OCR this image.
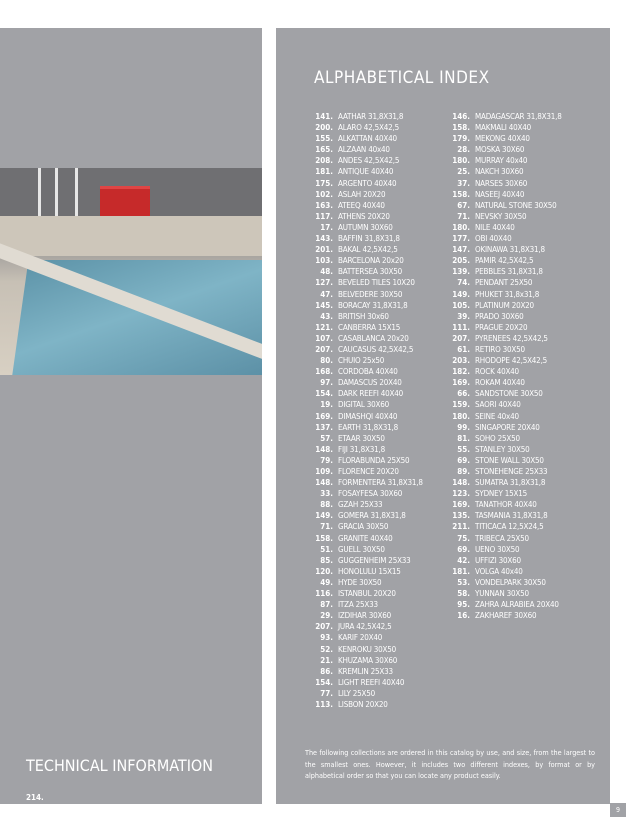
TECHNICAL INFORMATION
214.
ALPHABETICAL INDEX
141. AATHAR 31,8X31,8
200. ALARO 42,5X42,5
155. ALKATTAN 40X40
165. ALZAAN 40x40
208. ANDES 42,5X42,5
181. ANTIQUE 40X40
175. ARGENTO 40X40
102. ASLAH 20X20
163. ATEEQ 40X40
117. ATHENS 20X20
17. AUTUMN 30X60
143. BAFFIN 31,8X31,8
201. BAKAL 42,5X42,5
103. BARCELONA 20x20
48. BATTERSEA 30X50
127. BEVELED TILES 10X20
47. BELVEDERE 30X50
145. BORACAY 31,8X31,8
43. BRITISH 30x60
121. CANBERRA 15X15
107. CASABLANCA 20x20
207. CAUCASUS 42,5X42,5
80. CHUIO 25x50
168. CORDOBA 40X40
97. DAMASCUS 20X40
154. DARK REEFI 40X40
19. DIGITAL 30X60
169. DIMASHQI 40X40
137. EARTH 31,8X31,8
57. ETAAR 30X50
148. FIJI 31,8X31,8
79. FLORABUNDA 25X50
109. FLORENCE 20X20
148. FORMENTERA 31,8X31,8
33. FOSAYFESA 30X60
88. GZAH 25X33
149. GOMERA 31,8X31,8
71. GRACIA 30X50
158. GRANITE 40X40
51. GUELL 30X50
85. GUGGENHEIM 25X33
120. HONOLULU 15X15
49. HYDE 30X50
116. ISTANBUL 20X20
87. ITZA 25X33
29. IZDIHAR 30X60
207. JURA 42,5X42,5
93. KARIF 20X40
52. KENROKU 30X50
21. KHUZAMA 30X60
86. KREMLIN 25X33
154. LIGHT REEFI 40X40
77. LILY 25X50
113. LISBON 20X20
146. MADAGASCAR 31,8X31,8
158. MAKMALI 40X40
179. MEKONG 40X40
28. MOSKA 30X60
180. MURRAY 40x40
25. NAKCH 30X60
37. NARSES 30X60
158. NASEEJ 40X40
67. NATURAL STONE 30X50
71. NEVSKY 30X50
180. NILE 40X40
177. OBI 40X40
147. OKINAWA 31,8X31,8
205. PAMIR 42,5X42,5
139. PEBBLES 31,8X31,8
74. PENDANT 25X50
149. PHUKET 31,8x31,8
105. PLATINUM 20X20
39. PRADO 30X60
111. PRAGUE 20X20
207. PYRENEES 42,5X42,5
61. RETIRO 30X50
203. RHODOPE 42,5X42,5
182. ROCK 40X40
169. ROKAM 40X40
66. SANDSTONE 30X50
159. SAORI 40X40
180. SEINE 40x40
99. SINGAPORE 20X40
81. SOHO 25X50
55. STANLEY 30X50
69. STONE WALL 30X50
89. STONEHENGE 25X33
148. SUMATRA 31,8X31,8
123. SYDNEY 15X15
169. TANATHOR 40X40
135. TASMANIA 31,8X31,8
211. TITICACA 12,5X24,5
75. TRIBECA 25X50
69. UENO 30X50
42. UFFIZI 30X60
181. VOLGA 40x40
53. VONDELPARK 30X50
58. YUNNAN 30X50
95. ZAHRA ALRABIEA 20X40
16. ZAKHAREF 30X60
The following collections are ordered in this catalog by use, and size, from the largest to the smallest ones. However, it includes two different indexes, by format or by alphabetical order so that you can locate any product easily.
9
